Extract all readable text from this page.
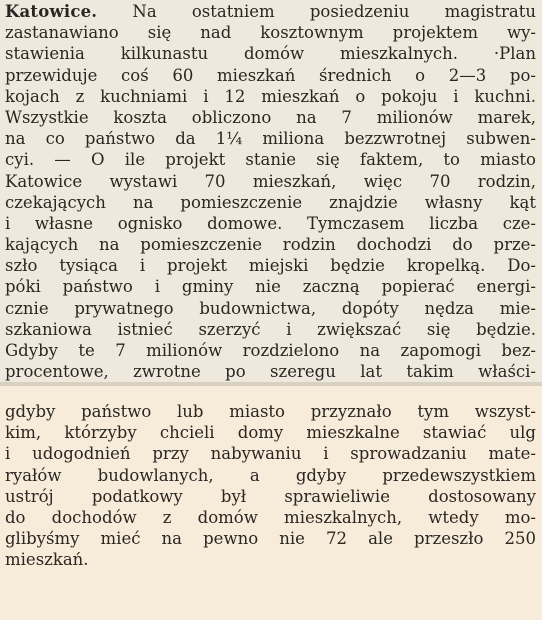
Katowice. Na ostatniem posiedzeniu magistratu
zastanawiano się nad kosztownym projektem wy-
stawienia kilkunastu domów mieszkalnych. ·Plan
przewiduje coś 60 mieszkań średnich o 2—3 po-
kojach z kuchniami i 12 mieszkań o pokoju i kuchni.
Wszystkie koszta obliczono na 7 milionów marek,
na co państwo da 1¼ miliona bezzwrotnej subwen-
cyi. — O ile projekt stanie się faktem, to miasto
Katowice wystawi 70 mieszkań, więc 70 rodzin,
czekających na pomieszczenie znajdzie własny kąt
i własne ognisko domowe. Tymczasem liczba cze-
kających na pomieszczenie rodzin dochodzi do prze-
szło tysiąca i projekt miejski będzie kropelką. Do-
póki państwo i gminy nie zaczną popierać energi-
cznie prywatnego budownictwa, dopóty nędza mie-
szkaniowa istnieć szerzyć i zwiększać się będzie.
Gdyby te 7 milionów rozdzielono na zapomogi bez-
procentowe, zwrotne po szeregu lat takim właści-
gdyby państwo lub miasto przyznało tym wszyst-
kim, którzyby chcieli domy mieszkalne stawiać ulg
i udogodnień przy nabywaniu i sprowadzaniu mate-
ryałów budowlanych, a gdyby przedewszystkiem
ustrój podatkowy był sprawieliwie dostosowany
do dochodów z domów mieszkalnych, wtedy mo-
glibyśmy mieć na pewno nie 72 ale przeszło 250
mieszkań.
